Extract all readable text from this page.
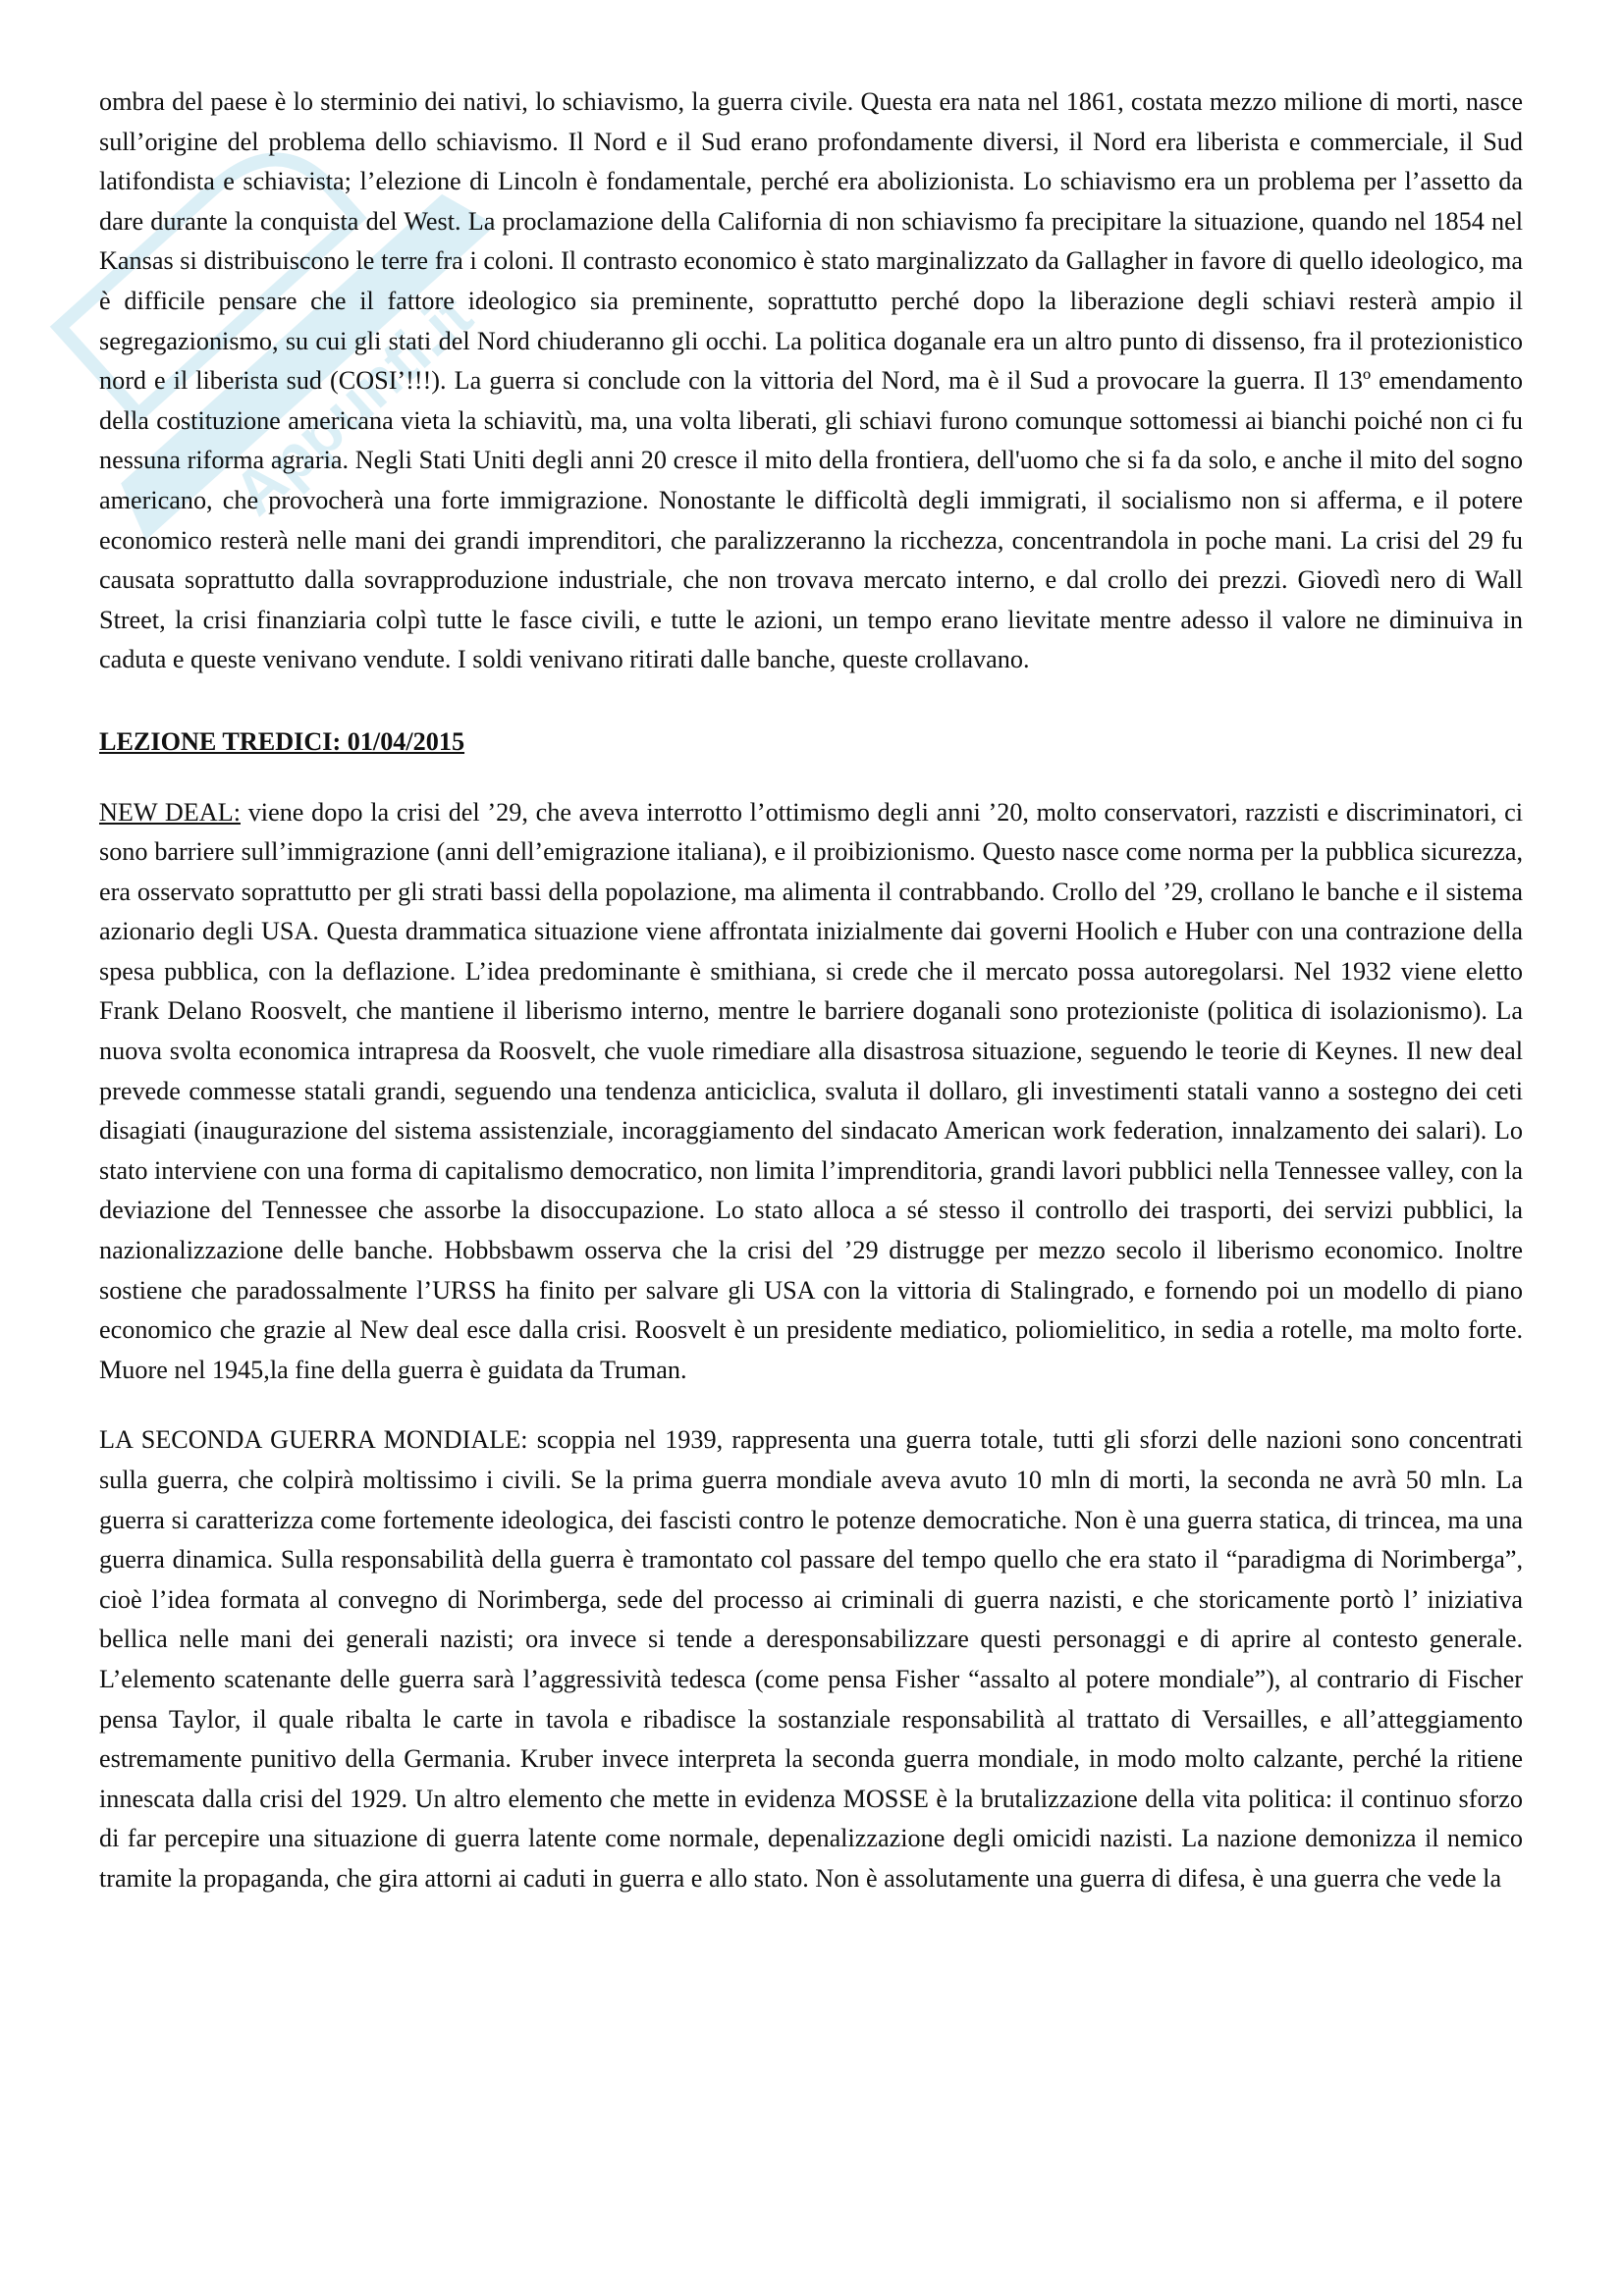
Appunti.it

ombra del paese è lo sterminio dei nativi, lo schiavismo, la guerra civile. Questa era nata nel 1861, costata mezzo milione di morti, nasce sull’origine del problema dello schiavismo. Il Nord e il Sud erano profondamente diversi, il Nord era liberista e commerciale, il Sud latifondista e schiavista; l’elezione di Lincoln è fondamentale, perché era abolizionista. Lo schiavismo era un problema per l’assetto da dare durante la conquista del West. La proclamazione della California di non schiavismo fa precipitare la situazione, quando nel 1854 nel Kansas si distribuiscono le terre fra i coloni. Il contrasto economico è stato marginalizzato da Gallagher in favore di quello ideologico, ma è difficile pensare che il fattore ideologico sia preminente, soprattutto perché dopo la liberazione degli schiavi resterà ampio il segregazionismo, su cui gli stati del Nord chiuderanno gli occhi. La politica doganale era un altro punto di dissenso, fra il protezionistico nord e il liberista sud (COSI’!!!). La guerra si conclude con la vittoria del Nord, ma è il Sud a provocare la guerra. Il 13º emendamento della costituzione americana vieta la schiavitù, ma, una volta liberati, gli schiavi furono comunque sottomessi ai bianchi poiché non ci fu nessuna riforma agraria. Negli Stati Uniti degli anni 20 cresce il mito della frontiera, dell'uomo che si fa da solo, e anche il mito del sogno americano, che provocherà una forte immigrazione. Nonostante le difficoltà degli immigrati, il socialismo non si afferma, e il potere economico resterà nelle mani dei grandi imprenditori, che paralizzeranno la ricchezza, concentrandola in poche mani. La crisi del 29 fu causata soprattutto dalla sovrapproduzione industriale, che non trovava mercato interno, e dal crollo dei prezzi. Giovedì nero di Wall Street, la crisi finanziaria colpì tutte le fasce civili, e tutte le azioni, un tempo erano lievitate mentre adesso il valore ne diminuiva in caduta e queste venivano vendute. I soldi venivano ritirati dalle banche, queste crollavano.

LEZIONE TREDICI: 01/04/2015

NEW DEAL: viene dopo la crisi del ’29, che aveva interrotto l’ottimismo degli anni ’20, molto conservatori, razzisti e discriminatori, ci sono barriere sull’immigrazione (anni dell’emigrazione italiana), e il proibizionismo. Questo nasce come norma per la pubblica sicurezza, era osservato soprattutto per gli strati bassi della popolazione, ma alimenta il contrabbando. Crollo del ’29, crollano le banche e il sistema azionario degli USA. Questa drammatica situazione viene affrontata inizialmente dai governi Hoolich e Huber con una contrazione della spesa pubblica, con la deflazione. L’idea predominante è smithiana, si crede che il mercato possa autoregolarsi. Nel 1932 viene eletto Frank Delano Roosvelt, che mantiene il liberismo interno, mentre le barriere doganali sono protezioniste (politica di isolazionismo). La nuova svolta economica intrapresa da Roosvelt, che vuole rimediare alla disastrosa situazione, seguendo le teorie di Keynes. Il new deal prevede commesse statali grandi, seguendo una tendenza anticiclica, svaluta il dollaro, gli investimenti statali vanno a sostegno dei ceti disagiati (inaugurazione del sistema assistenziale, incoraggiamento del sindacato American work federation, innalzamento dei salari). Lo stato interviene con una forma di capitalismo democratico, non limita l’imprenditoria, grandi lavori pubblici nella Tennessee valley, con la deviazione del Tennessee che assorbe la disoccupazione. Lo stato alloca a sé stesso il controllo dei trasporti, dei servizi pubblici, la nazionalizzazione delle banche. Hobbsbawm osserva che la crisi del ’29 distrugge per mezzo secolo il liberismo economico. Inoltre sostiene che paradossalmente l’URSS ha finito per salvare gli USA con la vittoria di Stalingrado, e fornendo poi un modello di piano economico che grazie al New deal esce dalla crisi. Roosvelt è un presidente mediatico, poliomielitico, in sedia a rotelle, ma molto forte. Muore nel 1945,la fine della guerra è guidata da Truman.

LA SECONDA GUERRA MONDIALE: scoppia nel 1939, rappresenta una guerra totale, tutti gli sforzi delle nazioni sono concentrati sulla guerra, che colpirà moltissimo i civili. Se la prima guerra mondiale aveva avuto 10 mln di morti, la seconda ne avrà 50 mln. La guerra si caratterizza come fortemente ideologica, dei fascisti contro le potenze democratiche. Non è una guerra statica, di trincea, ma una guerra dinamica. Sulla responsabilità della guerra è tramontato col passare del tempo quello che era stato il “paradigma di Norimberga”, cioè l’idea formata al convegno di Norimberga, sede del processo ai criminali di guerra nazisti, e che storicamente portò l’ iniziativa bellica nelle mani dei generali nazisti; ora invece si tende a deresponsabilizzare questi personaggi e di aprire al contesto generale. L’elemento scatenante delle guerra sarà l’aggressività tedesca (come pensa Fisher “assalto al potere mondiale”), al contrario di Fischer pensa Taylor, il quale ribalta le carte in tavola e ribadisce la sostanziale responsabilità al trattato di Versailles, e all’atteggiamento estremamente punitivo della Germania. Kruber invece interpreta la seconda guerra mondiale, in modo molto calzante, perché la ritiene innescata dalla crisi del 1929. Un altro elemento che mette in evidenza MOSSE è la brutalizzazione della vita politica: il continuo sforzo di far percepire una situazione di guerra latente come normale, depenalizzazione degli omicidi nazisti. La nazione demonizza il nemico tramite la propaganda, che gira attorni ai caduti in guerra e allo stato. Non è assolutamente una guerra di difesa, è una guerra che vede la
